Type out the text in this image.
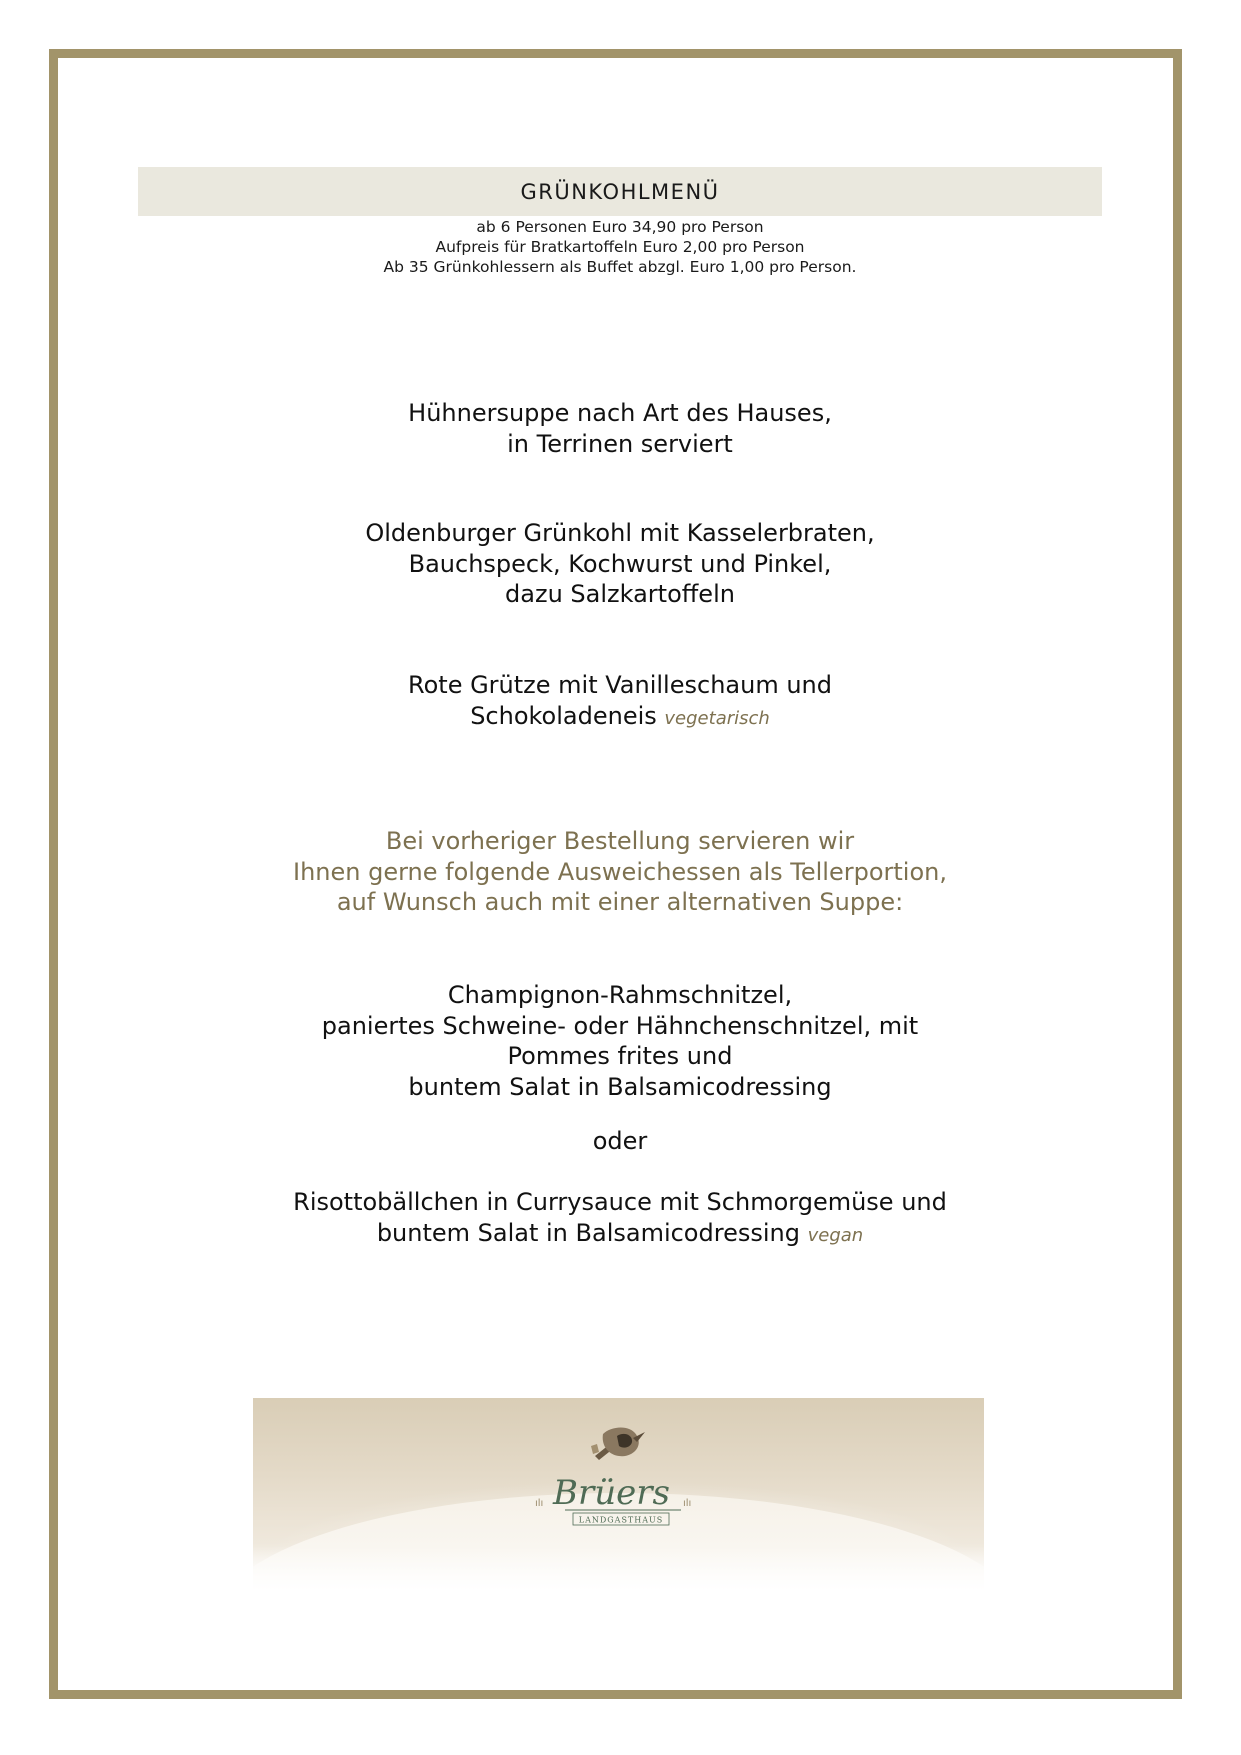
GRÜNKOHLMENÜ
ab 6 Personen Euro 34,90 pro Person
Aufpreis für Bratkartoffeln Euro 2,00 pro Person
Ab 35 Grünkohlessern als Buffet abzgl. Euro 1,00 pro Person.
Hühnersuppe nach Art des Hauses,
in Terrinen serviert
Oldenburger Grünkohl mit Kasselerbraten,
Bauchspeck, Kochwurst und Pinkel,
dazu Salzkartoffeln
Rote Grütze mit Vanilleschaum und
Schokoladeneis vegetarisch
Bei vorheriger Bestellung servieren wir
Ihnen gerne folgende Ausweichessen als Tellerportion,
auf Wunsch auch mit einer alternativen Suppe:
Champignon-Rahmschnitzel,
paniertes Schweine- oder Hähnchenschnitzel, mit
Pommes frites und
buntem Salat in Balsamicodressing
oder
Risottobällchen in Currysauce mit Schmorgemüse und
buntem Salat in Balsamicodressing vegan
Brüers
LANDGASTHAUS
ılı	ılı
